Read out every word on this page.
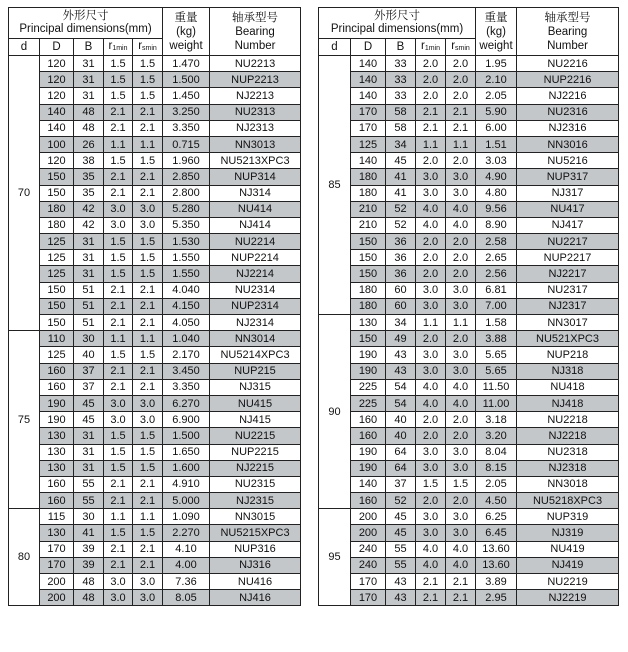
外形尺寸
Principal dimensions(mm)					重量
(kg)
weight	轴承型号
Bearing
Number
d	D	B	$r_{1min}$	$r_{smin}$
70	120	31	1.5	1.5	1.470	NU2213
	120	31	1.5	1.5	1.500	NUP2213
	120	31	1.5	1.5	1.450	NJ2213
	140	48	2.1	2.1	3.250	NU2313
	140	48	2.1	2.1	3.350	NJ2313
	100	26	1.1	1.1	0.715	NN3013
	120	38	1.5	1.5	1.960	NU5213XPC3
	150	35	2.1	2.1	2.850	NUP314
	150	35	2.1	2.1	2.800	NJ314
	180	42	3.0	3.0	5.280	NU414
	180	42	3.0	3.0	5.350	NJ414
	125	31	1.5	1.5	1.530	NU2214
	125	31	1.5	1.5	1.550	NUP2214
	125	31	1.5	1.5	1.550	NJ2214
	150	51	2.1	2.1	4.040	NU2314
	150	51	2.1	2.1	4.150	NUP2314
	150	51	2.1	2.1	4.050	NJ2314
75	110	30	1.1	1.1	1.040	NN3014
	125	40	1.5	1.5	2.170	NU5214XPC3
	160	37	2.1	2.1	3.450	NUP215
	160	37	2.1	2.1	3.350	NJ315
	190	45	3.0	3.0	6.270	NU415
	190	45	3.0	3.0	6.900	NJ415
	130	31	1.5	1.5	1.500	NU2215
	130	31	1.5	1.5	1.650	NUP2215
	130	31	1.5	1.5	1.600	NJ2215
	160	55	2.1	2.1	4.910	NU2315
	160	55	2.1	2.1	5.000	NJ2315
80	115	30	1.1	1.1	1.090	NN3015
	130	41	1.5	1.5	2.270	NU5215XPC3
	170	39	2.1	2.1	4.10	NUP316
	170	39	2.1	2.1	4.00	NJ316
	200	48	3.0	3.0	7.36	NU416
	200	48	3.0	3.0	8.05	NJ416
外形尺寸
Principal dimensions(mm)					重量
(kg)
weight	轴承型号
Bearing
Number
d	D	B	$r_{1min}$	$r_{smin}$
85	140	33	2.0	2.0	1.95	NU2216
	140	33	2.0	2.0	2.10	NUP2216
	140	33	2.0	2.0	2.05	NJ2216
	170	58	2.1	2.1	5.90	NU2316
	170	58	2.1	2.1	6.00	NJ2316
	125	34	1.1	1.1	1.51	NN3016
	140	45	2.0	2.0	3.03	NU5216
	180	41	3.0	3.0	4.90	NUP317
	180	41	3.0	3.0	4.80	NJ317
	210	52	4.0	4.0	9.56	NU417
	210	52	4.0	4.0	8.90	NJ417
	150	36	2.0	2.0	2.58	NU2217
	150	36	2.0	2.0	2.65	NUP2217
	150	36	2.0	2.0	2.56	NJ2217
	180	60	3.0	3.0	6.81	NU2317
	180	60	3.0	3.0	7.00	NJ2317
90	130	34	1.1	1.1	1.58	NN3017
	150	49	2.0	2.0	3.88	NU521XPC3
	190	43	3.0	3.0	5.65	NUP218
	190	43	3.0	3.0	5.65	NJ318
	225	54	4.0	4.0	11.50	NU418
	225	54	4.0	4.0	11.00	NJ418
	160	40	2.0	2.0	3.18	NU2218
	160	40	2.0	2.0	3.20	NJ2218
	190	64	3.0	3.0	8.04	NU2318
	190	64	3.0	3.0	8.15	NJ2318
	140	37	1.5	1.5	2.05	NN3018
	160	52	2.0	2.0	4.50	NU5218XPC3
95	200	45	3.0	3.0	6.25	NUP319
	200	45	3.0	3.0	6.45	NJ319
	240	55	4.0	4.0	13.60	NU419
	240	55	4.0	4.0	13.60	NJ419
	170	43	2.1	2.1	3.89	NU2219
	170	43	2.1	2.1	2.95	NJ2219
